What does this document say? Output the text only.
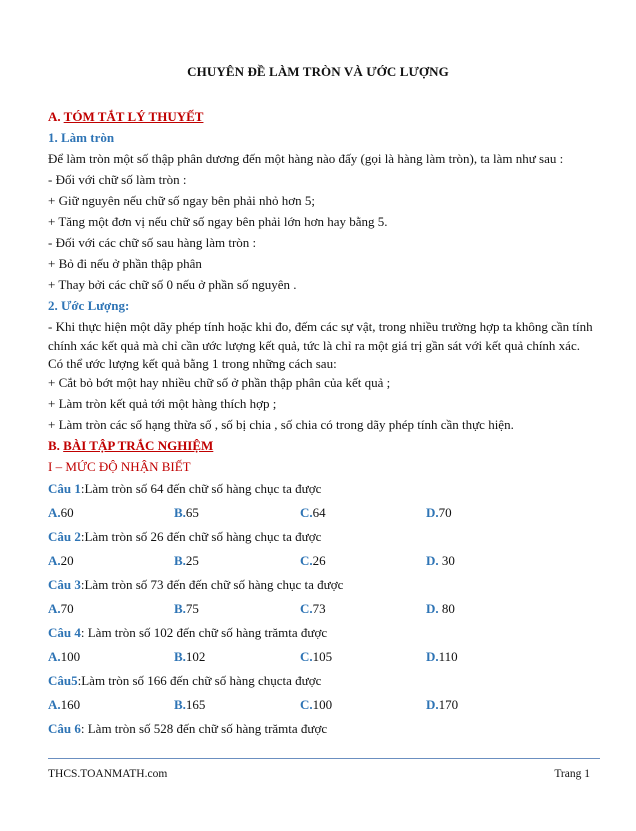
CHUYÊN ĐỀ LÀM TRÒN VÀ ƯỚC LƯỢNG
A. TÓM TẮT LÝ THUYẾT
1. Làm tròn
Để làm tròn một số thập phân dương đến một hàng nào đấy (gọi là hàng làm tròn), ta làm như sau :
- Đối với chữ số làm tròn :
+ Giữ nguyên nếu chữ số ngay bên phải nhỏ hơn 5;
+ Tăng một đơn vị nếu chữ số ngay bên phải lớn hơn hay bằng 5.
- Đối với các chữ số sau hàng làm tròn :
+ Bỏ đi nếu ở phần thập phân
+ Thay bởi các chữ số 0 nếu ở phần số nguyên .
2. Ước Lượng:
- Khi thực hiện một dãy phép tính hoặc khi đo, đếm các sự vật, trong nhiều trường hợp ta không cần tính chính xác kết quả mà chỉ cần ước lượng kết quả, tức là chỉ ra một giá trị gần sát với kết quả chính xác. Có thể ước lượng kết quả bằng 1 trong những cách sau:
+ Cắt bỏ bớt một hay nhiều chữ số ở phần thập phân của kết quả ;
+ Làm tròn kết quả tới một hàng thích hợp ;
+ Làm tròn các số hạng thừa số , số bị chia , số chia có trong dãy phép tính cần thực hiện.
B. BÀI TẬP TRẮC NGHIỆM
I – MỨC ĐỘ NHẬN BIẾT
Câu 1:Làm tròn số 64 đến chữ số hàng chục ta được
A.60	B.65	C.64	D.70
Câu 2:Làm tròn số 26 đến chữ số hàng chục ta được
A.20	B.25	C.26	D. 30
Câu 3:Làm tròn số 73 đến đến chữ số hàng chục ta được
A.70	B.75	C.73	D. 80
Câu 4: Làm tròn số 102 đến chữ số hàng trămta được
A.100	B.102	C.105	D.110
Câu5:Làm tròn số 166 đến chữ số hàng chụcta được
A.160	B.165	C.100	D.170
Câu 6: Làm tròn số 528 đến chữ số hàng trămta được
THCS.TOANMATH.com	Trang 1
